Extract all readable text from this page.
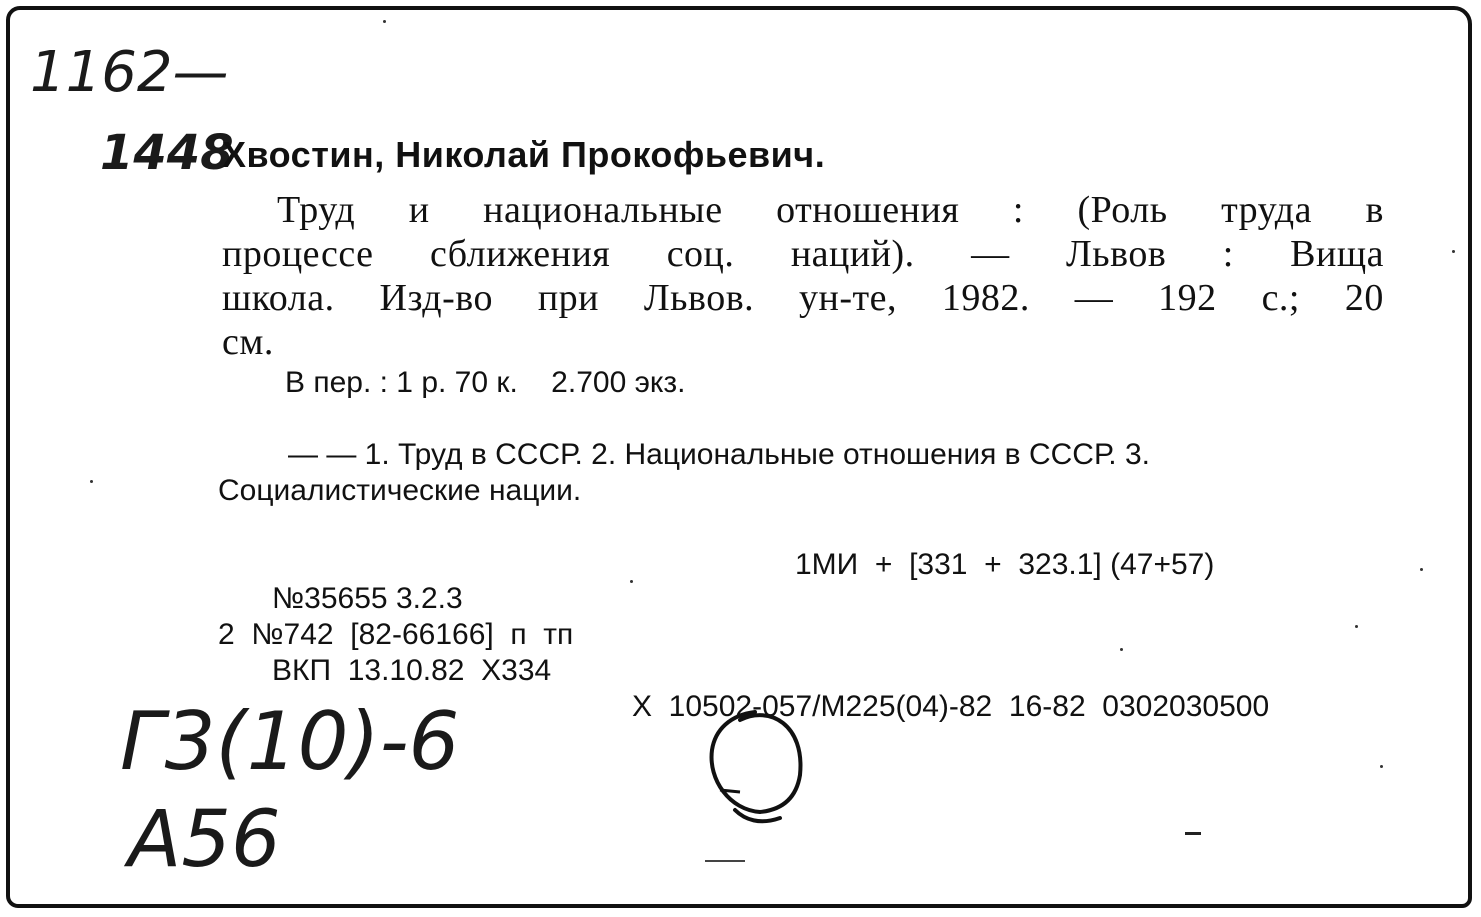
1162—
1448
Г3(10)-6
А56
Хвостин, Николай Прокофьевич.
Труд и национальные отношения : (Роль труда в
процессе сближения соц. наций). — Львов : Вища
школа. Изд-во при Львов. ун-те, 1982. — 192 с.; 20
см.
В пер. : 1 р. 70 к.    2.700 экз.
— — 1. Труд в СССР. 2. Национальные отношения в СССР. 3.
Социалистические нации.
1МИ  +  [331  +  323.1] (47+57)
№35655 3.2.3
2  №742  [82-66166]  п  тп
ВКП  13.10.82  Х334
Х  10502-057/М225(04)-82  16-82  0302030500
